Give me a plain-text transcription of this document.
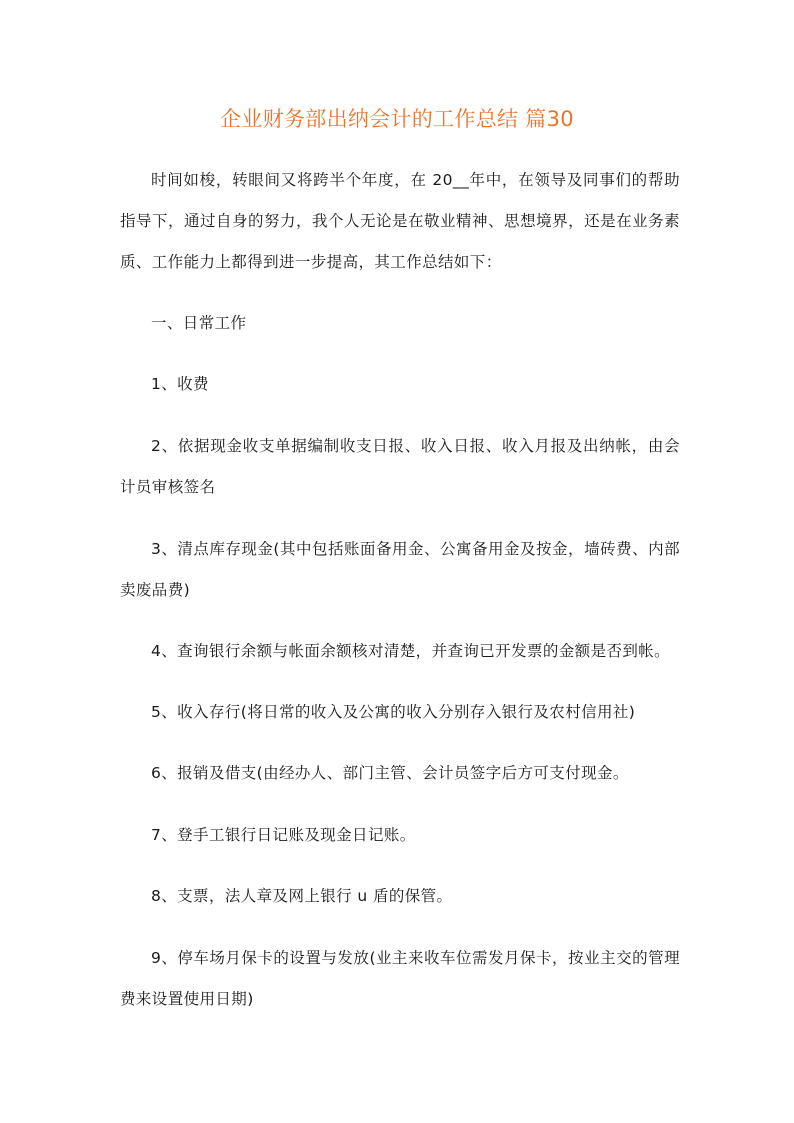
企业财务部出纳会计的工作总结 篇30

时间如梭，转眼间又将跨半个年度，在 20__年中，在领导及同事们的帮助指导下，通过自身的努力，我个人无论是在敬业精神、思想境界，还是在业务素质、工作能力上都得到进一步提高，其工作总结如下：

一、日常工作

1、收费

2、依据现金收支单据编制收支日报、收入日报、收入月报及出纳帐，由会计员审核签名

3、清点库存现金(其中包括账面备用金、公寓备用金及按金，墙砖费、内部卖废品费)

4、查询银行余额与帐面余额核对清楚，并查询已开发票的金额是否到帐。

5、收入存行(将日常的收入及公寓的收入分别存入银行及农村信用社)

6、报销及借支(由经办人、部门主管、会计员签字后方可支付现金。

7、登手工银行日记账及现金日记账。

8、支票，法人章及网上银行 u 盾的保管。

9、停车场月保卡的设置与发放(业主来收车位需发月保卡，按业主交的管理费来设置使用日期)
